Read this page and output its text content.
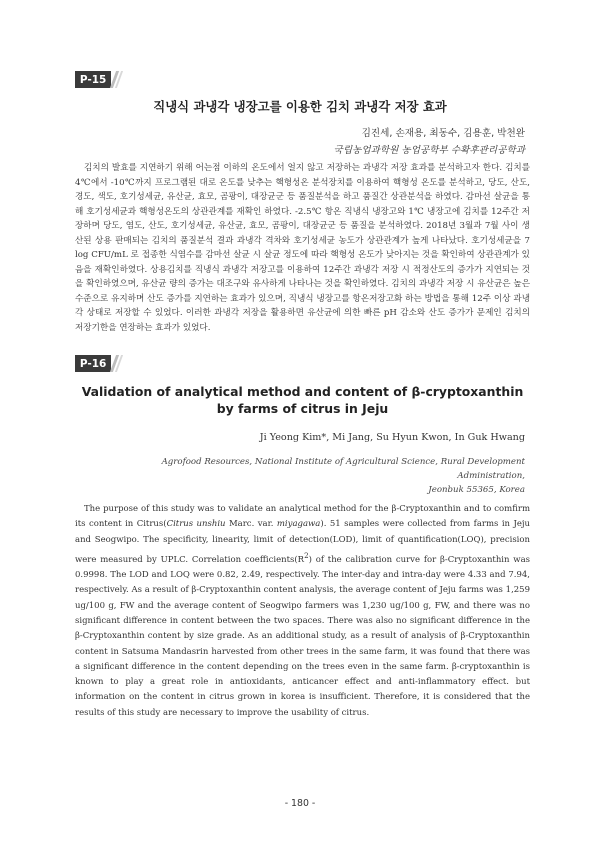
P-15
직냉식 과냉각 냉장고를 이용한 김치 과냉각 저장 효과
김진세, 손재용, 최동수, 김용훈, 박천완
국립농업과학원 농업공학부 수확후관리공학과

김치의 발효를 지연하기 위해 어는점 이하의 온도에서 얼지 않고 저장하는 과냉각 저장 효과를 분석하고자 한다. 김치를 4℃에서 -10℃까지 프로그램된 대로 온도를 낮추는 핵형성온 분석장치를 이용하여 핵형성 온도를 분석하고, 당도, 산도, 경도, 색도, 호기성세균, 유산균, 효모, 곰팡이, 대장균군 등 품질분석을 하고 품질간 상관분석을 하였다. 감마선 살균을 통해 호기성세균과 핵형성온도의 상관관계를 재확인 하였다. -2.5℃ 항온 직냉식 냉장고와 1℃ 냉장고에 김치를 12주간 저장하며 당도, 염도, 산도, 호기성세균, 유산균, 효모, 곰팡이, 대장균군 등 품질을 분석하였다. 2018년 3월과 7월 사이 생산된 상용 판매되는 김치의 품질분석 결과 과냉각 격차와 호기성세균 농도가 상관관계가 높게 나타났다. 호기성세균을 7 log CFU/mL 로 접종한 식염수를 감마선 살균 시 살균 정도에 따라 핵형성 온도가 낮아지는 것을 확인하여 상관관계가 있음을 재확인하였다. 상용김치를 직냉식 과냉각 저장고를 이용하여 12주간 과냉각 저장 시 적정산도의 증가가 지연되는 것을 확인하였으며, 유산균 량의 증가는 대조구와 유사하게 나타나는 것을 확인하였다. 김치의 과냉각 저장 시 유산균은 높은 수준으로 유지하며 산도 증가를 지연하는 효과가 있으며, 직냉식 냉장고를 항온저장고화 하는 방법을 통해 12주 이상 과냉각 상태로 저장할 수 있었다. 이러한 과냉각 저장을 활용하면 유산균에 의한 빠른 pH 감소와 산도 증가가 문제인 김치의 저장기한을 연장하는 효과가 있었다.

P-16

Validation of analytical method and content of β-cryptoxanthin by farms of citrus in Jeju

Ji Yeong Kim*, Mi Jang, Su Hyun Kwon, In Guk Hwang

Agrofood Resources, National Institute of Agricultural Science, Rural Development Administration,
Jeonbuk 55365, Korea

The purpose of this study was to validate an analytical method for the β-Cryptoxanthin and to comfirm its content in Citrus(Citrus unshiu Marc. var. miyagawa). 51 samples were collected from farms in Jeju and Seogwipo. The specificity, linearity, limit of detection(LOD), limit of quantification(LOQ), precision were measured by UPLC. Correlation $coefficients(R^2)$ of the calibration curve for β-Cryptoxanthin was 0.9998. The LOD and LOQ were 0.82, 2.49, respectively. The inter-day and intra-day were 4.33 and 7.94, respectively. As a result of β-Cryptoxanthin content analysis, the average content of Jeju farms was 1,259 ug/100 g, FW and the average content of Seogwipo farmers was 1,230 ug/100 g, FW, and there was no significant difference in content between the two spaces. There was also no significant difference in the β-Cryptoxanthin content by size grade. As an additional study, as a result of analysis of β-Cryptoxanthin content in Satsuma Mandasrin harvested from other trees in the same farm, it was found that there was a significant difference in the content depending on the trees even in the same farm. β-cryptoxanthin is known to play a great role in antioxidants, anticancer effect and anti-inflammatory effect. but information on the content in citrus grown in korea is insufficient. Therefore, it is considered that the results of this study are necessary to improve the usability of citrus.

- 180 -
